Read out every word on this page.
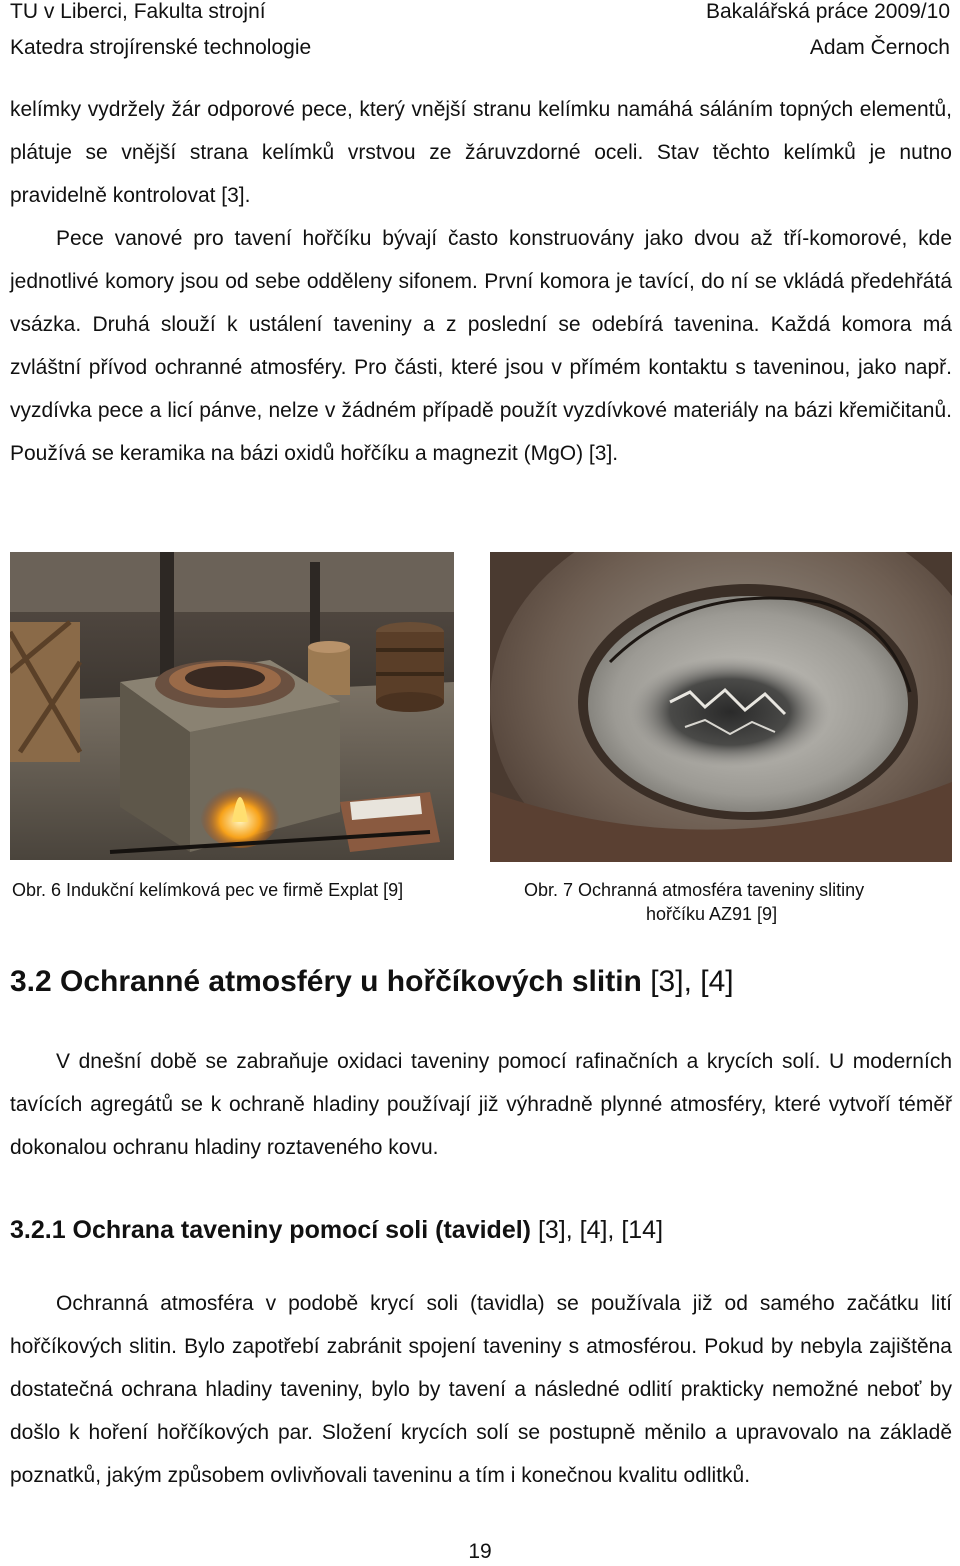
TU v Liberci, Fakulta strojní	Bakalářská práce 2009/10
Katedra strojírenské technologie	Adam Černoch

kelímky vydržely žár odporové pece, který vnější stranu kelímku namáhá sáláním topných elementů, plátuje se vnější strana kelímků vrstvou ze žáruvzdorné oceli. Stav těchto kelímků je nutno pravidelně kontrolovat [3].

Pece vanové pro tavení hořčíku bývají často konstruovány jako dvou až tří-komorové, kde jednotlivé komory jsou od sebe odděleny sifonem. První komora je tavící, do ní se vkládá předehřátá vsázka. Druhá slouží k ustálení taveniny a z poslední se odebírá tavenina. Každá komora má zvláštní přívod ochranné atmosféry. Pro části, které jsou v přímém kontaktu s taveninou, jako např. vyzdívka pece a licí pánve, nelze v žádném případě použít vyzdívkové materiály na bázi křemičitanů. Používá se keramika na bázi oxidů hořčíku a magnezit (MgO) [3].

Obr. 6 Indukční kelímková pec ve firmě Explat [9]	Obr. 7 Ochranná atmosféra taveniny slitiny
hořčíku AZ91 [9]
3.2 Ochranné atmosféry u hořčíkových slitin [3], [4]

V dnešní době se zabraňuje oxidaci taveniny pomocí rafinačních a krycích solí. U moderních tavících agregátů se k ochraně hladiny používají již výhradně plynné atmosféry, které vytvoří téměř dokonalou ochranu hladiny roztaveného kovu.

3.2.1 Ochrana taveniny pomocí soli (tavidel) [3], [4], [14]

Ochranná atmosféra v podobě krycí soli (tavidla) se používala již od samého začátku lití hořčíkových slitin. Bylo zapotřebí zabránit spojení taveniny s atmosférou. Pokud by nebyla zajištěna dostatečná ochrana hladiny taveniny, bylo by tavení a následné odlití prakticky nemožné neboť by došlo k hoření hořčíkových par. Složení krycích solí se postupně měnilo a upravovalo na základě poznatků, jakým způsobem ovlivňovali taveninu a tím i konečnou kvalitu odlitků.

19
